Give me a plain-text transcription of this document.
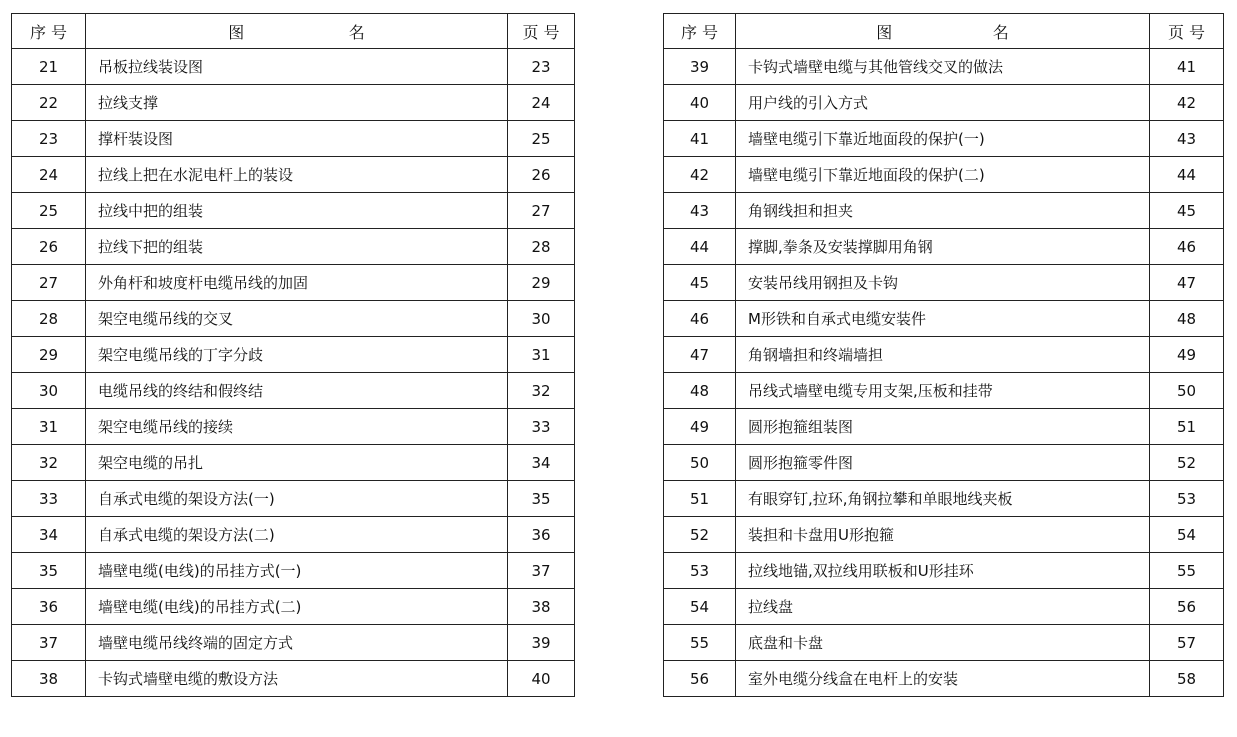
序 号	图 名	页 号
21	吊板拉线装设图	23
22	拉线支撑	24
23	撑杆装设图	25
24	拉线上把在水泥电杆上的装设	26
25	拉线中把的组装	27
26	拉线下把的组装	28
27	外角杆和坡度杆电缆吊线的加固	29
28	架空电缆吊线的交叉	30
29	架空电缆吊线的丁字分歧	31
30	电缆吊线的终结和假终结	32
31	架空电缆吊线的接续	33
32	架空电缆的吊扎	34
33	自承式电缆的架设方法(一)	35
34	自承式电缆的架设方法(二)	36
35	墙壁电缆(电线)的吊挂方式(一)	37
36	墙壁电缆(电线)的吊挂方式(二)	38
37	墙壁电缆吊线终端的固定方式	39
38	卡钩式墙壁电缆的敷设方法	40
序 号	图 名	页 号
39	卡钩式墙壁电缆与其他管线交叉的做法	41
40	用户线的引入方式	42
41	墙壁电缆引下靠近地面段的保护(一)	43
42	墙壁电缆引下靠近地面段的保护(二)	44
43	角钢线担和担夹	45
44	撑脚,拳条及安装撑脚用角钢	46
45	安装吊线用钢担及卡钩	47
46	M形铁和自承式电缆安装件	48
47	角钢墙担和终端墙担	49
48	吊线式墙壁电缆专用支架,压板和挂带	50
49	圆形抱箍组装图	51
50	圆形抱箍零件图	52
51	有眼穿钉,拉环,角钢拉攀和单眼地线夹板	53
52	装担和卡盘用U形抱箍	54
53	拉线地锚,双拉线用联板和U形挂环	55
54	拉线盘	56
55	底盘和卡盘	57
56	室外电缆分线盒在电杆上的安装	58
